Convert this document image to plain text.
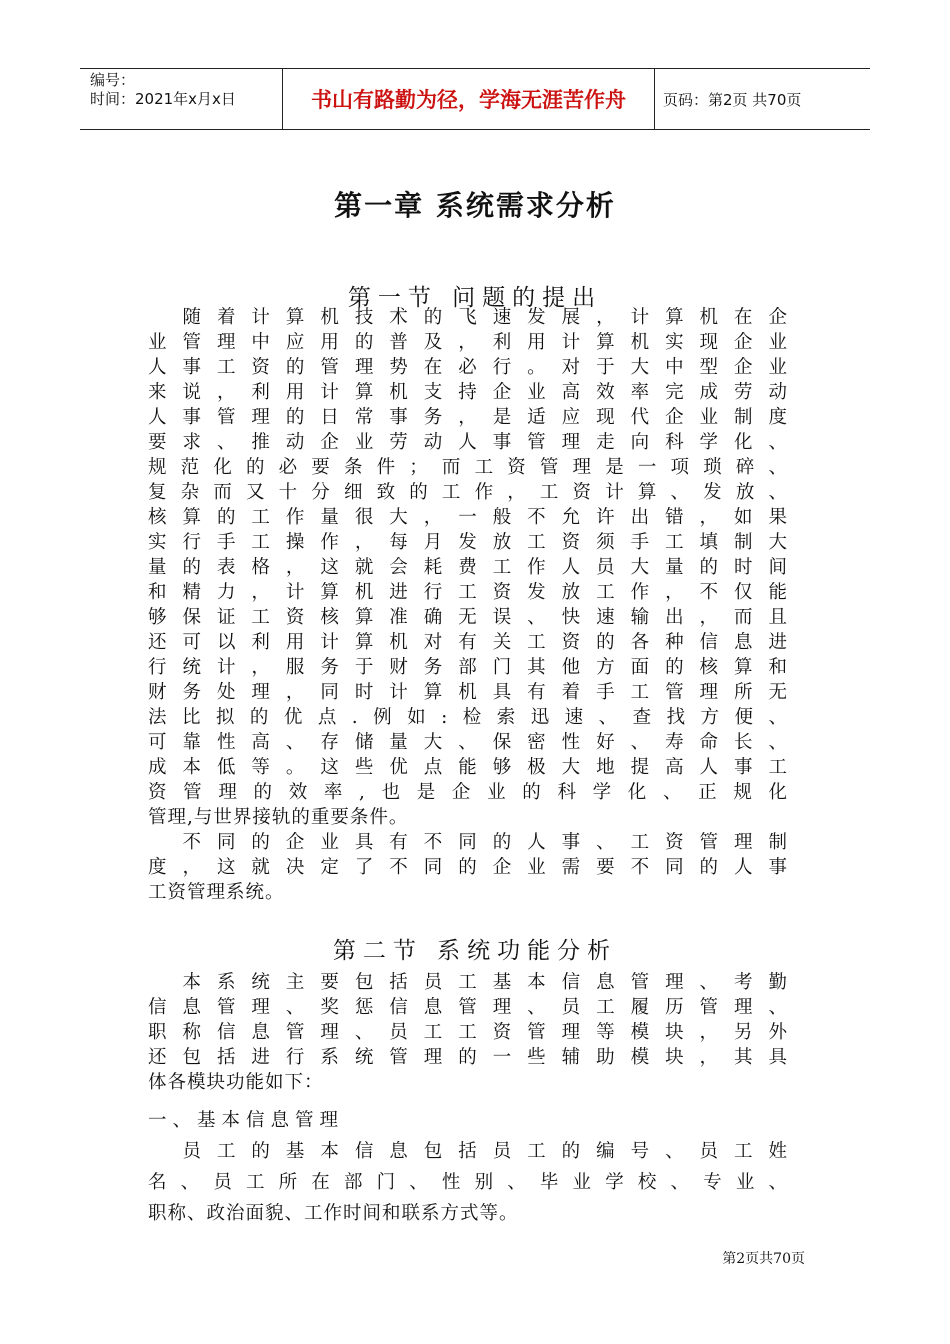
编号：
时间：2021年x月x日	书山有路勤为径，学海无涯苦作舟	页码：第2页 共70页
第一章 系统需求分析
第一节 问题的提出
　随着计算机技术的飞速发展，计算机在企
业管理中应用的普及，利用计算机实现企业
人事工资的管理势在必行。对于大中型企业
来说，利用计算机支持企业高效率完成劳动
人事管理的日常事务，是适应现代企业制度
要求、推动企业劳动人事管理走向科学化、
规范化的必要条件；而工资管理是一项琐碎、
复杂而又十分细致的工作，工资计算、发放、
核算的工作量很大，一般不允许出错，如果
实行手工操作，每月发放工资须手工填制大
量的表格，这就会耗费工作人员大量的时间
和精力，计算机进行工资发放工作，不仅能
够保证工资核算准确无误、快速输出，而且
还可以利用计算机对有关工资的各种信息进
行统计，服务于财务部门其他方面的核算和
财务处理，同时计算机具有着手工管理所无
法比拟的优点.例如:检索迅速、查找方便、
可靠性高、存储量大、保密性好、寿命长、
成本低等。这些优点能够极大地提高人事工
资管理的效率,也是企业的科学化、正规化
管理,与世界接轨的重要条件。
　不同的企业具有不同的人事、工资管理制
度，这就决定了不同的企业需要不同的人事
工资管理系统。
第二节 系统功能分析
　本系统主要包括员工基本信息管理、考勤
信息管理、奖惩信息管理、员工履历管理、
职称信息管理、员工工资管理等模块，另外
还包括进行系统管理的一些辅助模块，其具
体各模块功能如下：
一、基本信息管理
　员工的基本信息包括员工的编号、员工姓
名、员工所在部门、性别、毕业学校、专业、
职称、政治面貌、工作时间和联系方式等。
第2页共70页
